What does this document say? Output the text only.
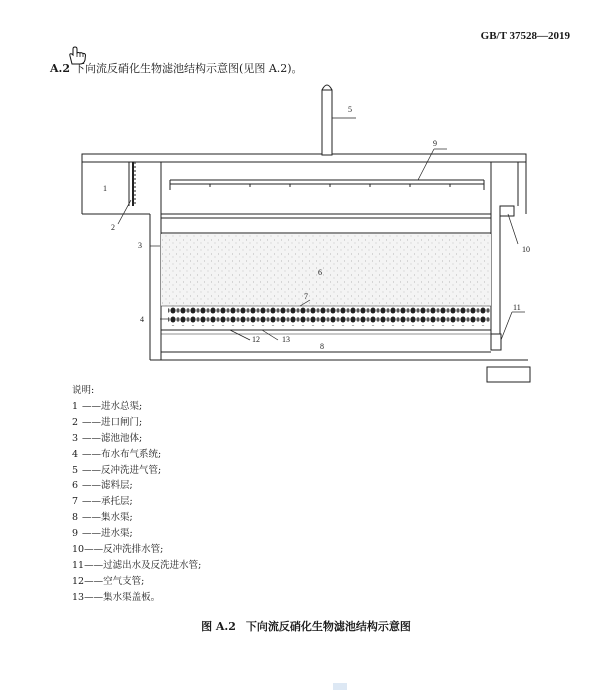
GB/T 37528—2019
A.2 下向流反硝化生物滤池结构示意图(见图 A.2)。
1
2
3
4
5
6
7
8
9
10
11
12	13
说明:
1 ——进水总渠;
2 ——进口闸门;
3 ——滤池池体;
4 ——布水布气系统;
5 ——反冲洗进气管;
6 ——滤料层;
7 ——承托层;
8 ——集水渠;
9 ——进水渠;
10——反冲洗排水管;
11——过滤出水及反洗进水管;
12——空气支管;
13——集水渠盖板。
图 A.2 下向流反硝化生物滤池结构示意图
